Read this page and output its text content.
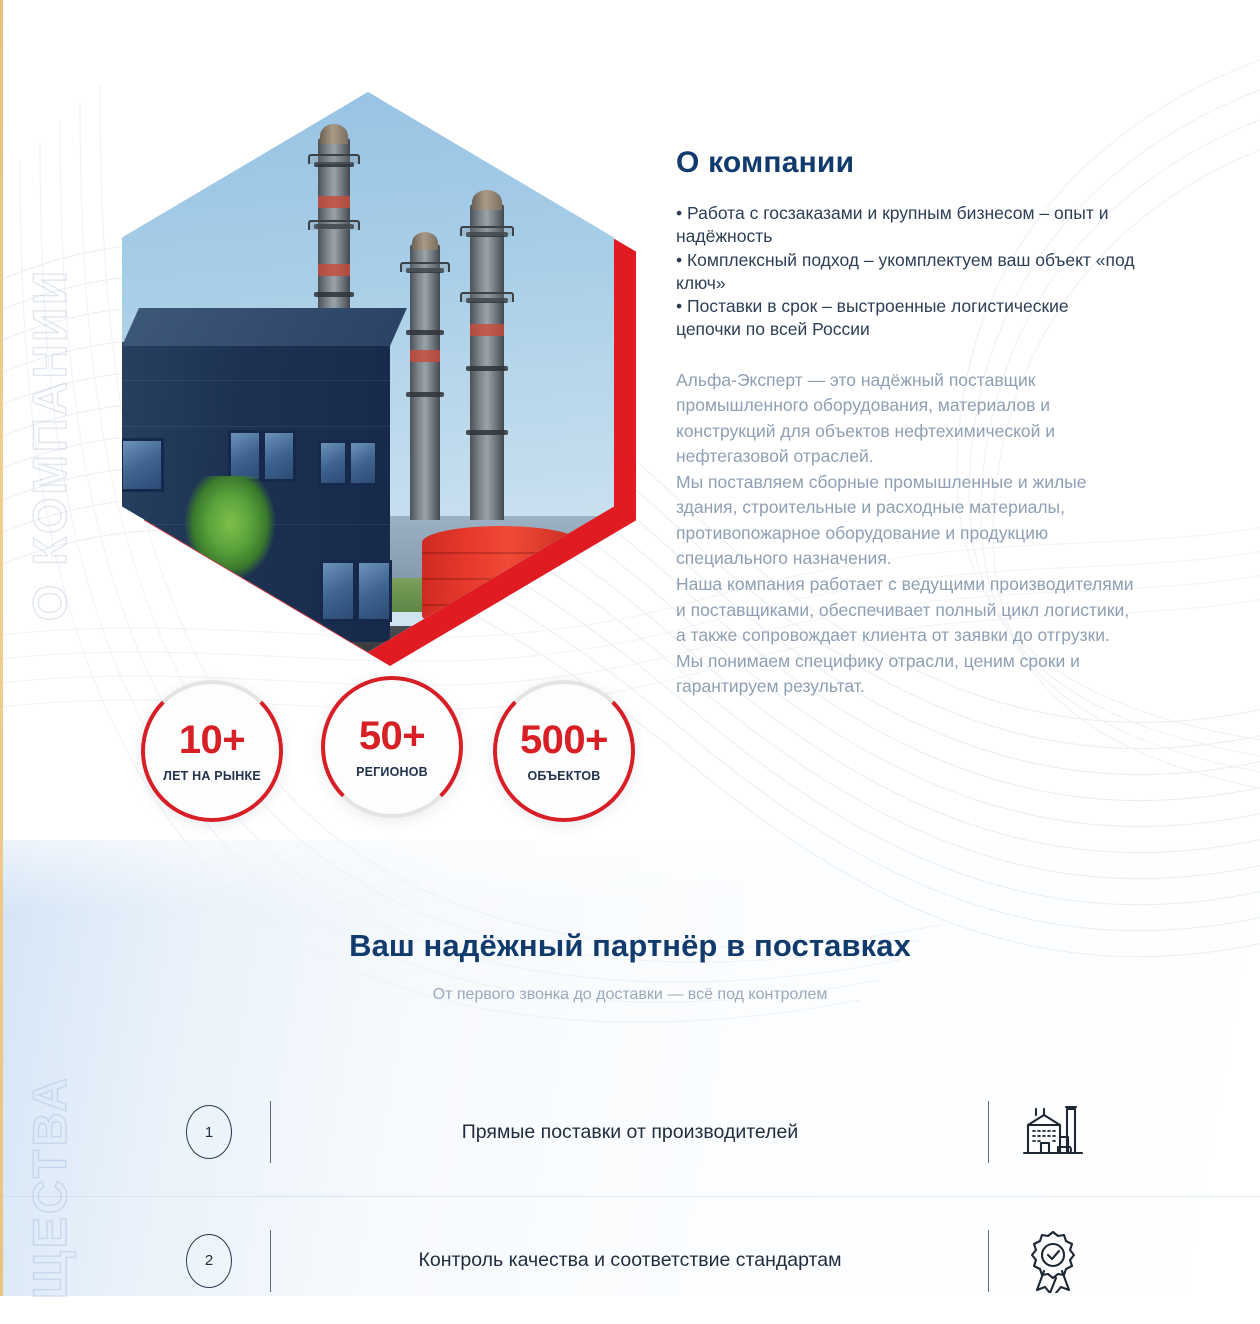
О КОМПАНИИ
ЩЕСТВА
О компании
• Работа с госзаказами и крупным бизнесом – опыт и надёжность
• Комплексный подход – укомплектуем ваш объект «под ключ»
• Поставки в срок – выстроенные логистические цепочки по всей России

Альфа-Эксперт — это надёжный поставщик промышленного оборудования, материалов и конструкций для объектов нефтехимической и нефтегазовой отраслей.

Мы поставляем сборные промышленные и жилые здания, строительные и расходные материалы, противопожарное оборудование и продукцию специального назначения.

Наша компания работает с ведущими производителями и поставщиками, обеспечивает полный цикл логистики, а также сопровождает клиента от заявки до отгрузки.

Мы понимаем специфику отрасли, ценим сроки и гарантируем результат.

10+
ЛЕТ НА РЫНКЕ
50+
РЕГИОНОВ
500+
ОБЪЕКТОВ
Ваш надёжный партнёр в поставках
От первого звонка до доставки — всё под контролем
1	Прямые поставки от производителей
2	Контроль качества и соответствие стандартам
